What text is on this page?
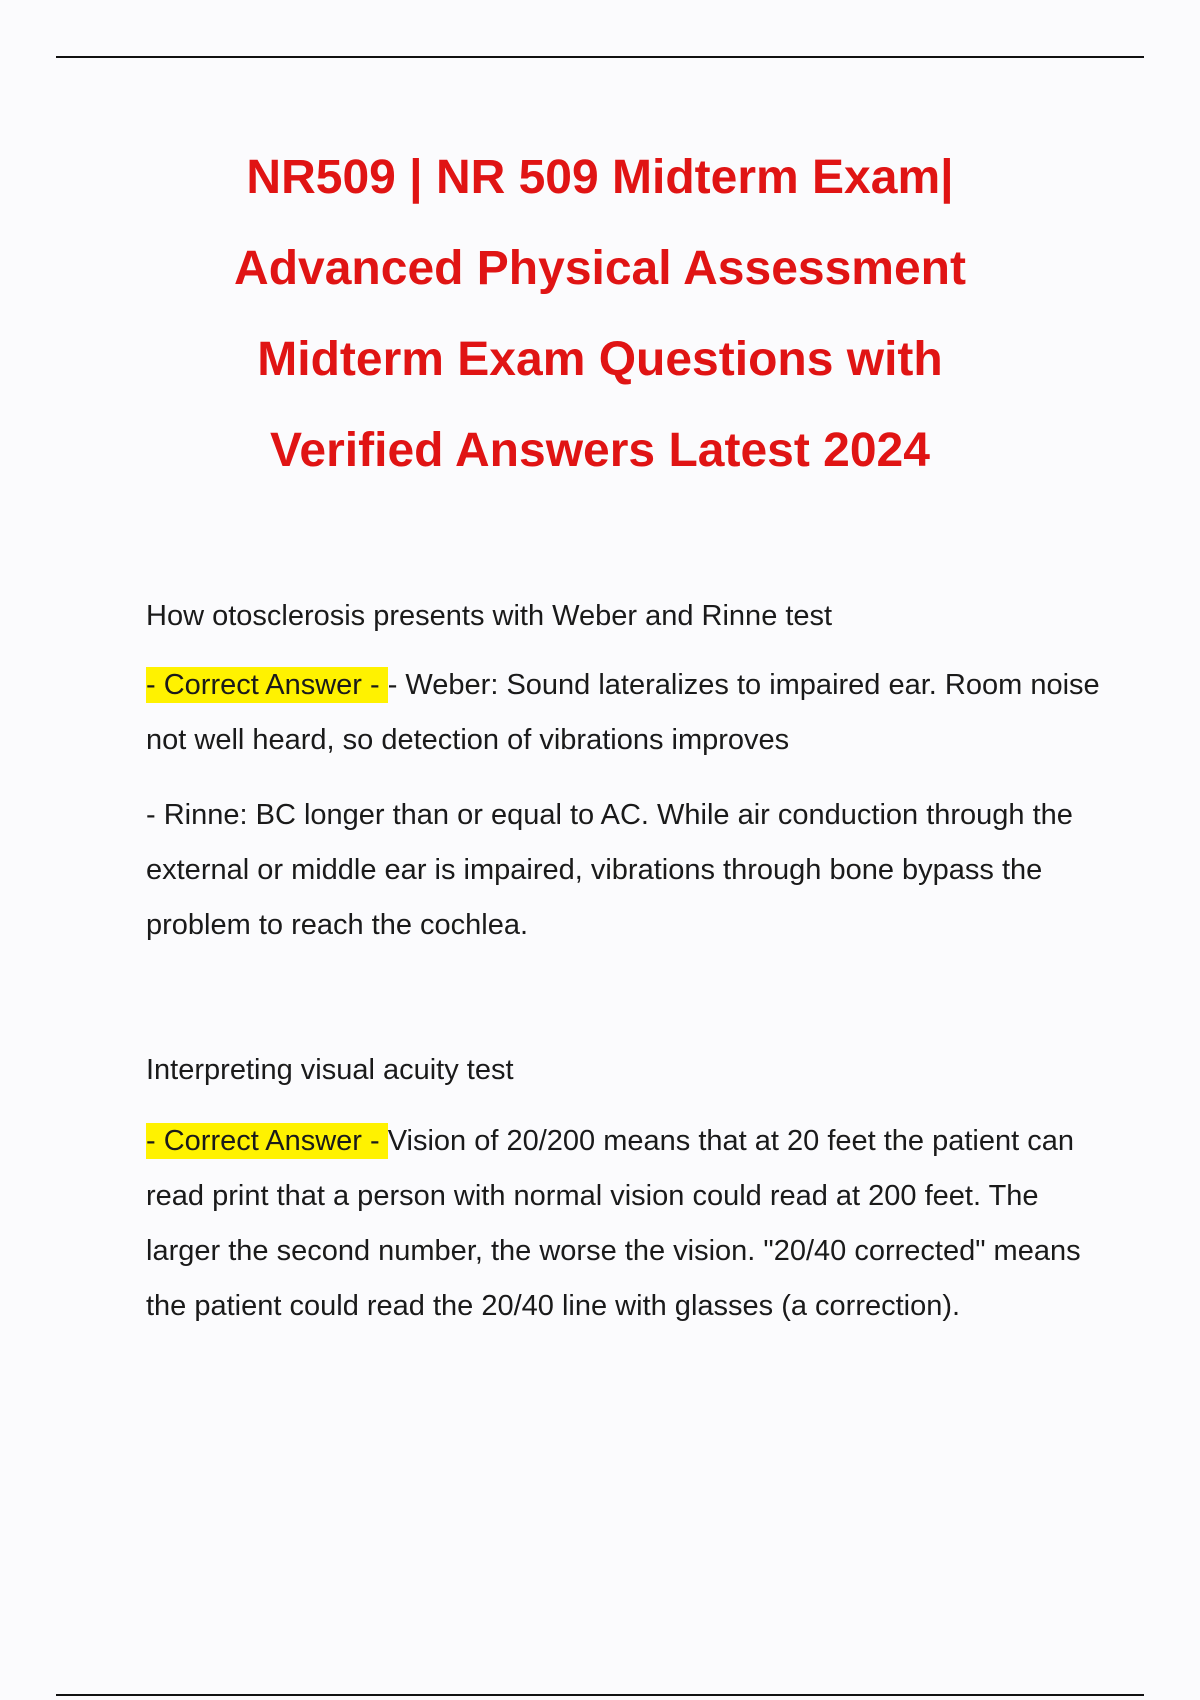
NR509 | NR 509 Midterm Exam|
Advanced Physical Assessment
Midterm Exam Questions with
Verified Answers Latest 2024
How otosclerosis presents with Weber and Rinne test
- Correct Answer - - Weber: Sound lateralizes to impaired ear. Room noise not well heard, so detection of vibrations improves
- Rinne: BC longer than or equal to AC. While air conduction through the external or middle ear is impaired, vibrations through bone bypass the problem to reach the cochlea.
Interpreting visual acuity test
- Correct Answer - Vision of 20/200 means that at 20 feet the patient can read print that a person with normal vision could read at 200 feet. The larger the second number, the worse the vision. "20/40 corrected" means the patient could read the 20/40 line with glasses (a correction).
